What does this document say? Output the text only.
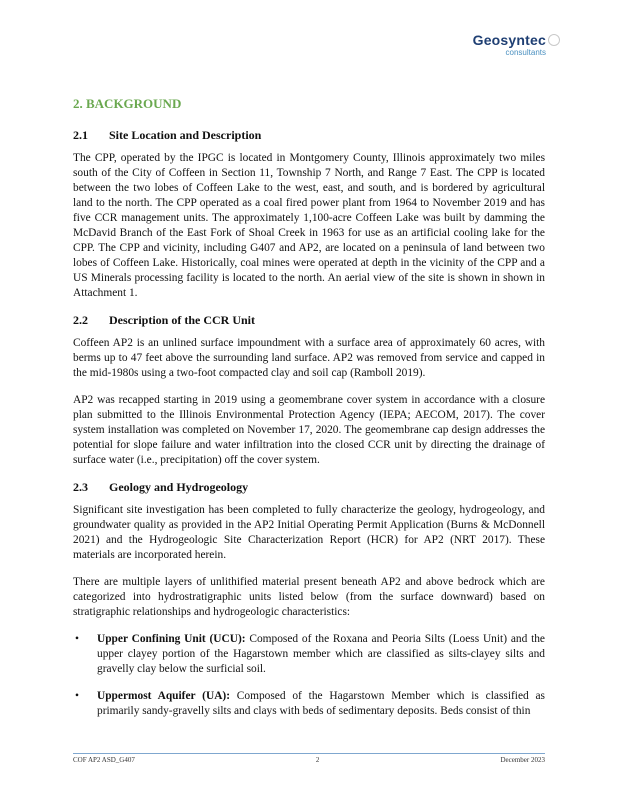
Geosyntec
consultants
2. BACKGROUND
2.1 Site Location and Description

The CPP, operated by the IPGC is located in Montgomery County, Illinois approximately two miles south of the City of Coffeen in Section 11, Township 7 North, and Range 7 East. The CPP is located between the two lobes of Coffeen Lake to the west, east, and south, and is bordered by agricultural land to the north. The CPP operated as a coal fired power plant from 1964 to November 2019 and has five CCR management units. The approximately 1,100-acre Coffeen Lake was built by damming the McDavid Branch of the East Fork of Shoal Creek in 1963 for use as an artificial cooling lake for the CPP. The CPP and vicinity, including G407 and AP2, are located on a peninsula of land between two lobes of Coffeen Lake. Historically, coal mines were operated at depth in the vicinity of the CPP and a US Minerals processing facility is located to the north. An aerial view of the site is shown in shown in Attachment 1.

2.2 Description of the CCR Unit

Coffeen AP2 is an unlined surface impoundment with a surface area of approximately 60 acres, with berms up to 47 feet above the surrounding land surface. AP2 was removed from service and capped in the mid-1980s using a two-foot compacted clay and soil cap (Ramboll 2019).

AP2 was recapped starting in 2019 using a geomembrane cover system in accordance with a closure plan submitted to the Illinois Environmental Protection Agency (IEPA; AECOM, 2017). The cover system installation was completed on November 17, 2020. The geomembrane cap design addresses the potential for slope failure and water infiltration into the closed CCR unit by directing the drainage of surface water (i.e., precipitation) off the cover system.

2.3 Geology and Hydrogeology

Significant site investigation has been completed to fully characterize the geology, hydrogeology, and groundwater quality as provided in the AP2 Initial Operating Permit Application (Burns & McDonnell 2021) and the Hydrogeologic Site Characterization Report (HCR) for AP2 (NRT 2017). These materials are incorporated herein.

There are multiple layers of unlithified material present beneath AP2 and above bedrock which are categorized into hydrostratigraphic units listed below (from the surface downward) based on stratigraphic relationships and hydrogeologic characteristics:

• Upper Confining Unit (UCU): Composed of the Roxana and Peoria Silts (Loess Unit) and the upper clayey portion of the Hagarstown member which are classified as silts-clayey silts and gravelly clay below the surficial soil.
• Uppermost Aquifer (UA): Composed of the Hagarstown Member which is classified as primarily sandy-gravelly silts and clays with beds of sedimentary deposits. Beds consist of thin
COF AP2 ASD_G407	2	December 2023
